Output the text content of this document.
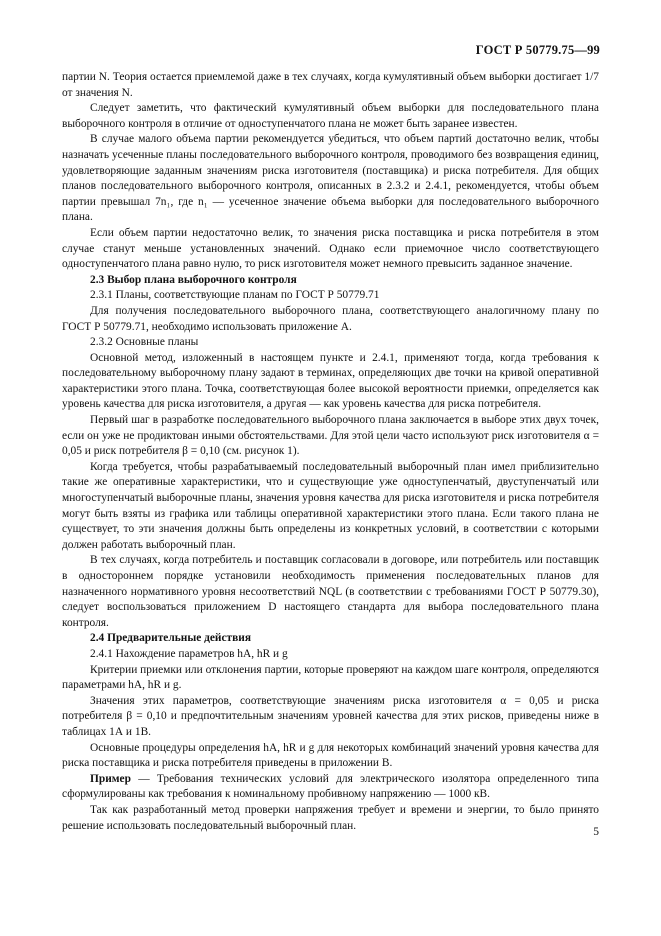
ГОСТ Р 50779.75—99

партии N. Теория остается приемлемой даже в тех случаях, когда кумулятивный объем выборки достигает 1/7 от значения N.

Следует заметить, что фактический кумулятивный объем выборки для последовательного плана выборочного контроля в отличие от одноступенчатого плана не может быть заранее известен.

В случае малого объема партии рекомендуется убедиться, что объем партий достаточно велик, чтобы назначать усеченные планы последовательного выборочного контроля, проводимого без возвращения единиц, удовлетворяющие заданным значениям риска изготовителя (поставщика) и риска потребителя. Для общих планов последовательного выборочного контроля, описанных в 2.3.2 и 2.4.1, рекомендуется, чтобы объем партии превышал 7n₁, где n₁ — усеченное значение объема выборки для последовательного выборочного плана.

Если объем партии недостаточно велик, то значения риска поставщика и риска потребителя в этом случае станут меньше установленных значений. Однако если приемочное число соответствующего одноступенчатого плана равно нулю, то риск изготовителя может немного превысить заданное значение.

2.3 Выбор плана выборочного контроля

2.3.1 Планы, соответствующие планам по ГОСТ Р 50779.71

Для получения последовательного выборочного плана, соответствующего аналогичному плану по ГОСТ Р 50779.71, необходимо использовать приложение А.

2.3.2 Основные планы

Основной метод, изложенный в настоящем пункте и 2.4.1, применяют тогда, когда требования к последовательному выборочному плану задают в терминах, определяющих две точки на кривой оперативной характеристики этого плана. Точка, соответствующая более высокой вероятности приемки, определяется как уровень качества для риска изготовителя, а другая — как уровень качества для риска потребителя.

Первый шаг в разработке последовательного выборочного плана заключается в выборе этих двух точек, если он уже не продиктован иными обстоятельствами. Для этой цели часто используют риск изготовителя α = 0,05 и риск потребителя β = 0,10 (см. рисунок 1).

Когда требуется, чтобы разрабатываемый последовательный выборочный план имел приблизительно такие же оперативные характеристики, что и существующие уже одноступенчатый, двуступенчатый или многоступенчатый выборочные планы, значения уровня качества для риска изготовителя и риска потребителя могут быть взяты из графика или таблицы оперативной характеристики этого плана. Если такого плана не существует, то эти значения должны быть определены из конкретных условий, в соответствии с которыми должен работать выборочный план.

В тех случаях, когда потребитель и поставщик согласовали в договоре, или потребитель или поставщик в одностороннем порядке установили необходимость применения последовательных планов для назначенного нормативного уровня несоответствий NQL (в соответствии с требованиями ГОСТ Р 50779.30), следует воспользоваться приложением D настоящего стандарта для выбора последовательного плана контроля.

2.4 Предварительные действия

2.4.1 Нахождение параметров hA, hR и g

Критерии приемки или отклонения партии, которые проверяют на каждом шаге контроля, определяются параметрами hA, hR и g.

Значения этих параметров, соответствующие значениям риска изготовителя α = 0,05 и риска потребителя β = 0,10 и предпочтительным значениям уровней качества для этих рисков, приведены ниже в таблицах 1А и 1В.

Основные процедуры определения hA, hR и g для некоторых комбинаций значений уровня качества для риска поставщика и риска потребителя приведены в приложении В.

Пример — Требования технических условий для электрического изолятора определенного типа сформулированы как требования к номинальному пробивному напряжению — 1000 кВ.

Так как разработанный метод проверки напряжения требует и времени и энергии, то было принято решение использовать последовательный выборочный план.

5
